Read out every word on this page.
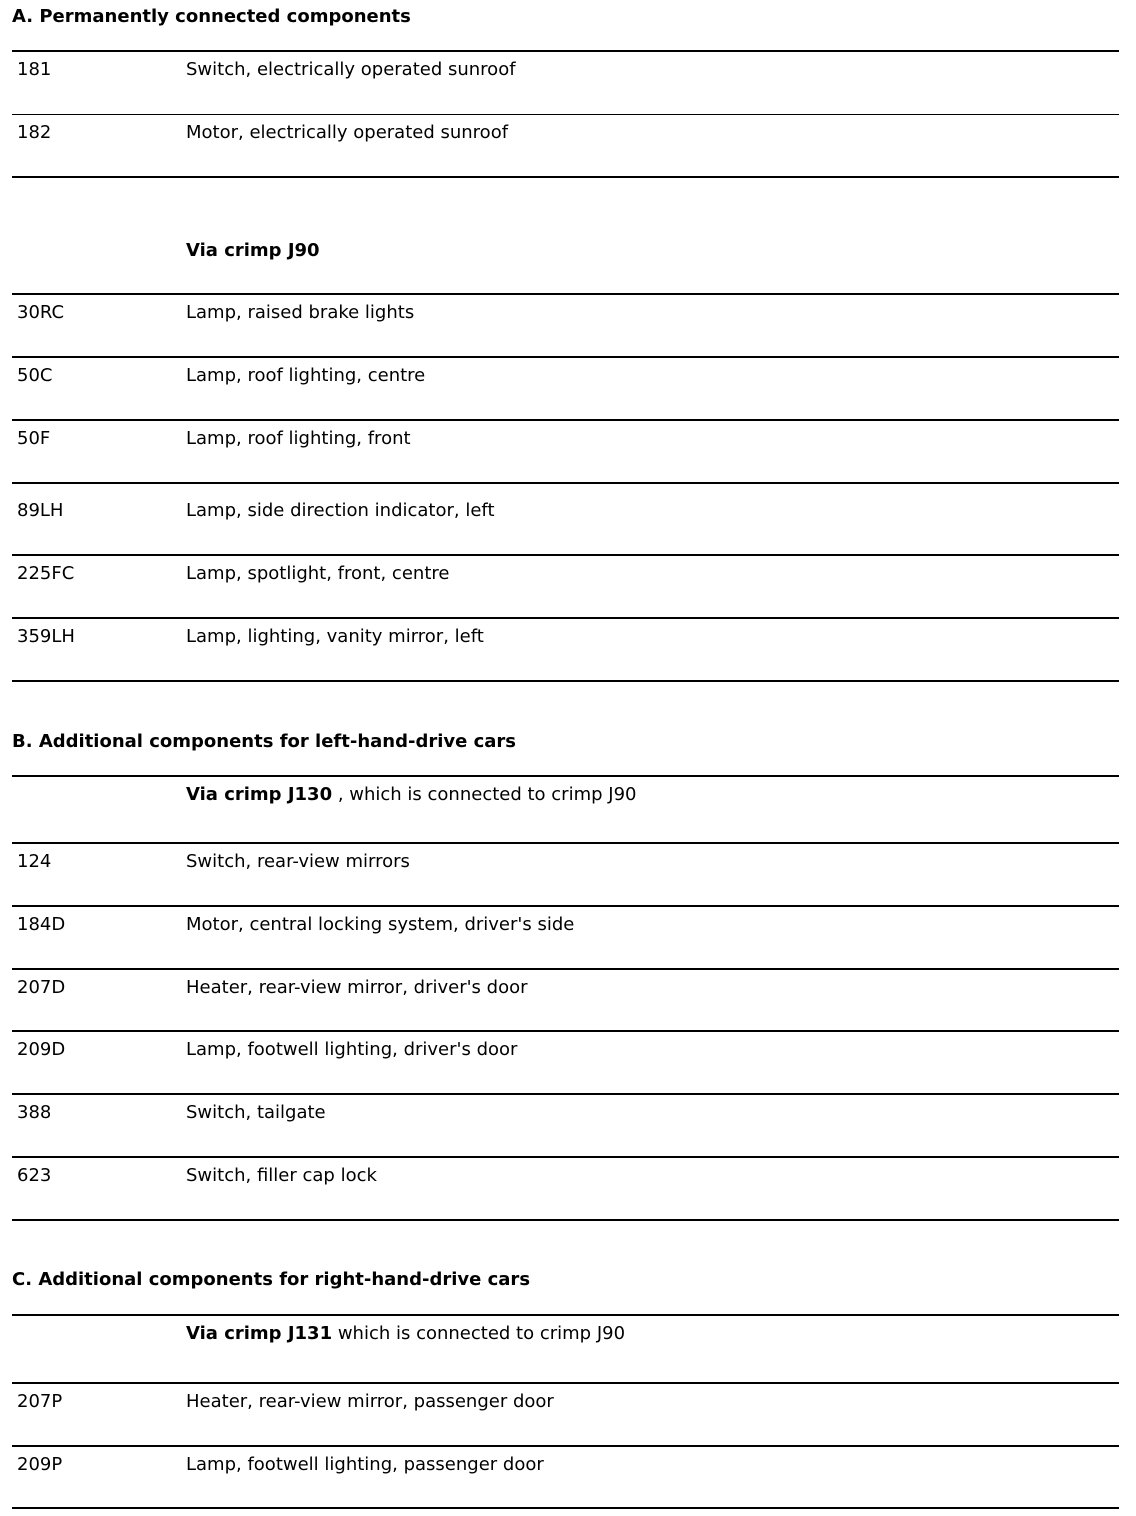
A. Permanently connected components
181	Switch, electrically operated sunroof
182	Motor, electrically operated sunroof
Via crimp J90
30RC	Lamp, raised brake lights
50C	Lamp, roof lighting, centre
50F	Lamp, roof lighting, front
89LH	Lamp, side direction indicator, left
225FC	Lamp, spotlight, front, centre
359LH	Lamp, lighting, vanity mirror, left
B. Additional components for left-hand-drive cars
Via crimp J130 , which is connected to crimp J90
124	Switch, rear-view mirrors
184D	Motor, central locking system, driver's side
207D	Heater, rear-view mirror, driver's door
209D	Lamp, footwell lighting, driver's door
388	Switch, tailgate
623	Switch, filler cap lock
C. Additional components for right-hand-drive cars
Via crimp J131 which is connected to crimp J90
207P	Heater, rear-view mirror, passenger door
209P	Lamp, footwell lighting, passenger door
